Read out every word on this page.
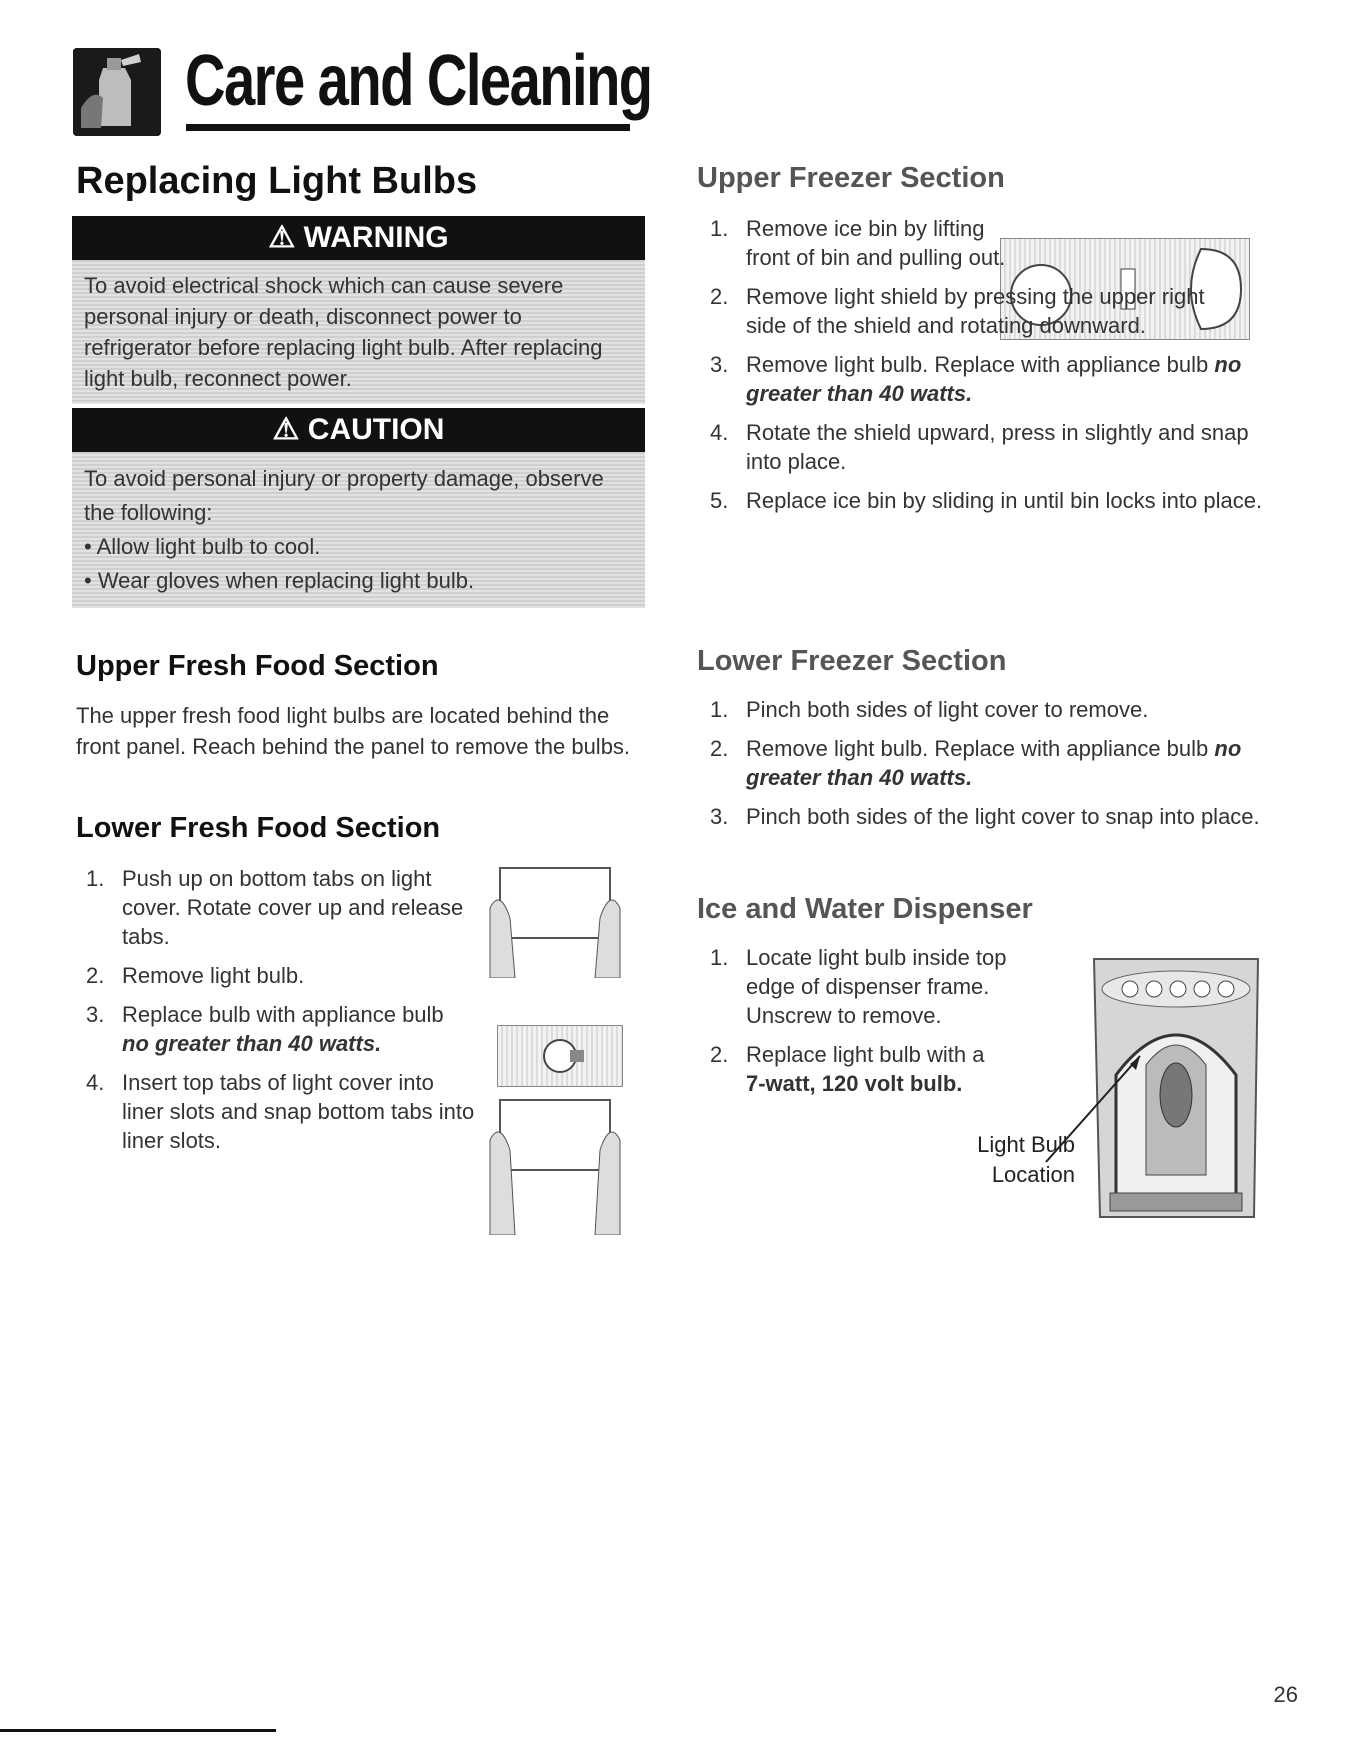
Care and Cleaning
Replacing Light Bulbs
⚠ WARNING

To avoid electrical shock which can cause severe personal injury or death, disconnect power to refrigerator before replacing light bulb. After replacing light bulb, reconnect power.

⚠ CAUTION

To avoid personal injury or property damage, observe the following:

• Allow light bulb to cool.

• Wear gloves when replacing light bulb.

Upper Fresh Food Section

The upper fresh food light bulbs are located behind the front panel. Reach behind the panel to remove the bulbs.

Lower Fresh Food Section
1. Push up on bottom tabs on light cover. Rotate cover up and release tabs.
2. Remove light bulb.
3. Replace bulb with appliance bulb
no greater than 40 watts.
4. Insert top tabs of light cover into liner slots and snap bottom tabs into liner slots.
Upper Freezer Section
1. Remove ice bin by lifting front of bin and pulling out.
2. Remove light shield by pressing the upper right side of the shield and rotating downward.
3. Remove light bulb. Replace with appliance bulb no greater than 40 watts.
4. Rotate the shield upward, press in slightly and snap into place.
5. Replace ice bin by sliding in until bin locks into place.
Lower Freezer Section
1. Pinch both sides of light cover to remove.
2. Remove light bulb. Replace with appliance bulb no greater than 40 watts.
3. Pinch both sides of the light cover to snap into place.
Ice and Water Dispenser
1. Locate light bulb inside top edge of dispenser frame. Unscrew to remove.
2. Replace light bulb with a
7-watt, 120 volt bulb.
Light Bulb
Location
26
